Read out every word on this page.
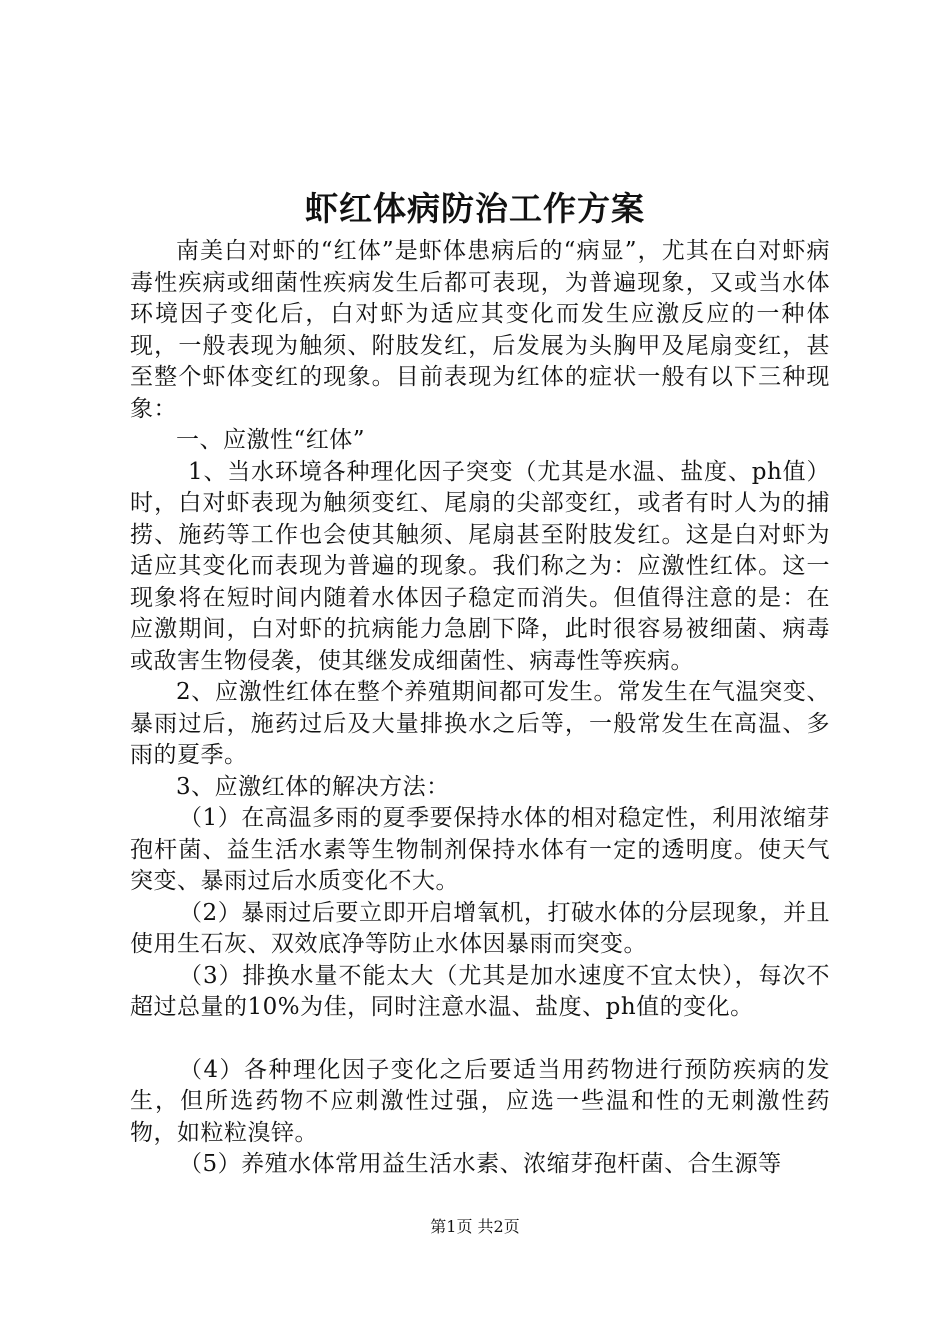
虾红体病防治工作方案

南美白对虾的“红体”是虾体患病后的“病显”，尤其在白对虾病毒性疾病或细菌性疾病发生后都可表现，为普遍现象，又或当水体环境因子变化后，白对虾为适应其变化而发生应激反应的一种体现，一般表现为触须、附肢发红，后发展为头胸甲及尾扇变红，甚至整个虾体变红的现象。目前表现为红体的症状一般有以下三种现象：

一、应激性“红体”

1、当水环境各种理化因子突变（尤其是水温、盐度、ph值）时，白对虾表现为触须变红、尾扇的尖部变红，或者有时人为的捕捞、施药等工作也会使其触须、尾扇甚至附肢发红。这是白对虾为适应其变化而表现为普遍的现象。我们称之为：应激性红体。这一现象将在短时间内随着水体因子稳定而消失。但值得注意的是：在应激期间，白对虾的抗病能力急剧下降，此时很容易被细菌、病毒或敌害生物侵袭，使其继发成细菌性、病毒性等疾病。

2、应激性红体在整个养殖期间都可发生。常发生在气温突变、暴雨过后，施药过后及大量排换水之后等，一般常发生在高温、多雨的夏季。

3、应激红体的解决方法：

（1）在高温多雨的夏季要保持水体的相对稳定性，利用浓缩芽孢杆菌、益生活水素等生物制剂保持水体有一定的透明度。使天气突变、暴雨过后水质变化不大。

（2）暴雨过后要立即开启增氧机，打破水体的分层现象，并且使用生石灰、双效底净等防止水体因暴雨而突变。

（3）排换水量不能太大（尤其是加水速度不宜太快），每次不超过总量的10%为佳，同时注意水温、盐度、ph值的变化。

（4）各种理化因子变化之后要适当用药物进行预防疾病的发生，但所选药物不应刺激性过强，应选一些温和性的无刺激性药物，如粒粒溴锌。

（5）养殖水体常用益生活水素、浓缩芽孢杆菌、合生源等

第1页 共2页
